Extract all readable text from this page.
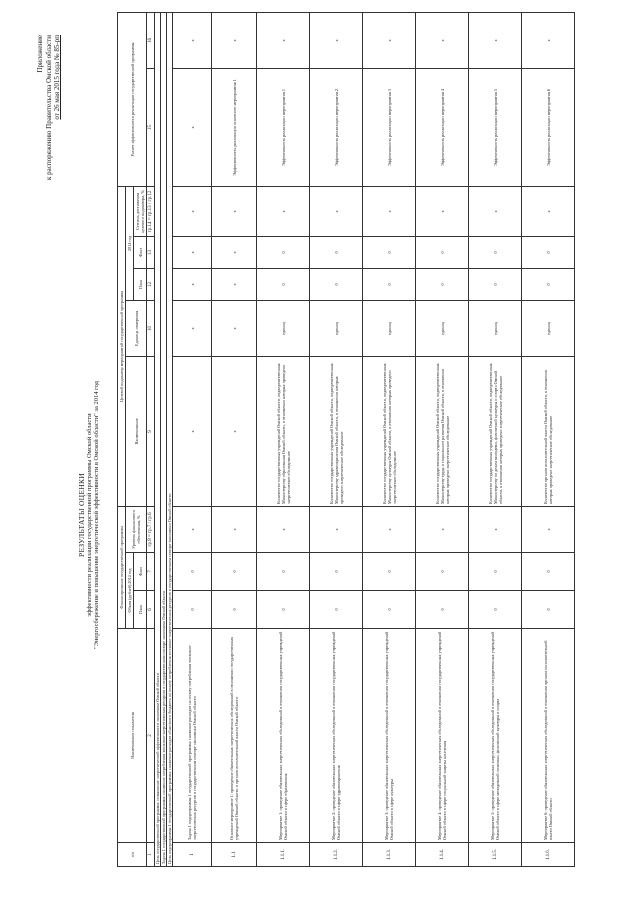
Приложение к распоряжению Правительства Омской области от 26 мая 2015 года № 85-рп
РЕЗУЛЬТАТЫ ОЦЕНКИ эффективности реализации государственной программы Омской области "Энергосбережение и повышение энергетической эффективности в Омской области" за 2014 год
п/п	Наименование показателя	Финансирование государственной программы			Целевой индикатор мероприятий государственной программы					Расчет эффективности реализации государственной программы	
		Объем (рублей) 2014 год		Уровень финансового обеспечения, %	Наименование	Единица измерения	2014 год				
		План	Факт				План	Факт	Степень достижения целевого индикатора, %		
1	2	6	7	гр.8 = гр.7 / гр.6	9	10	12	13	гр.14 = гр.13 / гр.12	15	16
Цель государственной программы: повышение энергетической эффективности экономики Омской области											
Задача 1 государственной программы: снижение потребления топливно-энергетических ресурсов в государственном секторе экономики Омской области											
Цель подпрограммы 1 государственной программы: снижение расходов областного бюджета на оплату потребления топливно-энергетических ресурсов в государственном секторе экономики Омской области											
1	Задача 1 подпрограммы 1 государственной программы: снижение расходов на оплату потребления топливно-энергетических ресурсов в государственном секторе экономики Омской области	0	0	х	х	х	х	х	х	х	х
1.1	Основное мероприятие 1: проведение обязательных энергетических обследований в отношении государственных учреждений Омской области и органов исполнительной власти Омской области	0	0	х	х	х	х	х	х	Эффективность реализации основного мероприятия 1	х
1.1.1.	Мероприятие 1: проведение обязательных энергетических обследований в отношении государственных учреждений Омской области в сфере образования	0	0	х	Количество государственных учреждений Омской области, подведомственных Министерству образования Омской области, в отношении которых проведено энергетическое обследование	единиц	0	0	х	Эффективность реализации мероприятия 1	х
1.1.2.	Мероприятие 2: проведение обязательных энергетических обследований в отношении государственных учреждений Омской области в сфере здравоохранения	0	0	х	Количество государственных учреждений Омской области, подведомственных Министерству здравоохранения Омской области, в отношении которых проведено энергетическое обследование	единиц	0	0	х	Эффективность реализации мероприятия 2	х
1.1.3.	Мероприятие 3: проведение обязательных энергетических обследований в отношении государственных учреждений Омской области в сфере культуры	0	0	х	Количество государственных учреждений Омской области, подведомственных Министерству культуры Омской области, в отношении которых проведено энергетическое обследование	единиц	0	0	х	Эффективность реализации мероприятия 3	х
1.1.4.	Мероприятие 4: проведение обязательных энергетических обследований в отношении государственных учреждений Омской области в сфере социальной защиты населения	0	0	х	Количество государственных учреждений Омской области, подведомственных Министерству труда и социального развития Омской области, в отношении которых проведено энергетическое обследование	единиц	0	0	х	Эффективность реализации мероприятия 4	х
1.1.5.	Мероприятие 5: проведение обязательных энергетических обследований в отношении государственных учреждений Омской области в сфере молодежной политики, физической культуры и спорта	0	0	х	Количество государственных учреждений Омской области, подведомственных Министерству по делам молодежи, физической культуры и спорта Омской области, в отношении которых проведено энергетическое обследование	единиц	0	0	х	Эффективность реализации мероприятия 5	х
1.1.6.	Мероприятие 6: проведение обязательных энергетических обследований в отношении органов исполнительной власти Омской области	0	0	х	Количество органов исполнительной власти Омской области, в отношении которых проведено энергетическое обследование	единиц	0	0	х	Эффективность реализации мероприятия 6	х
